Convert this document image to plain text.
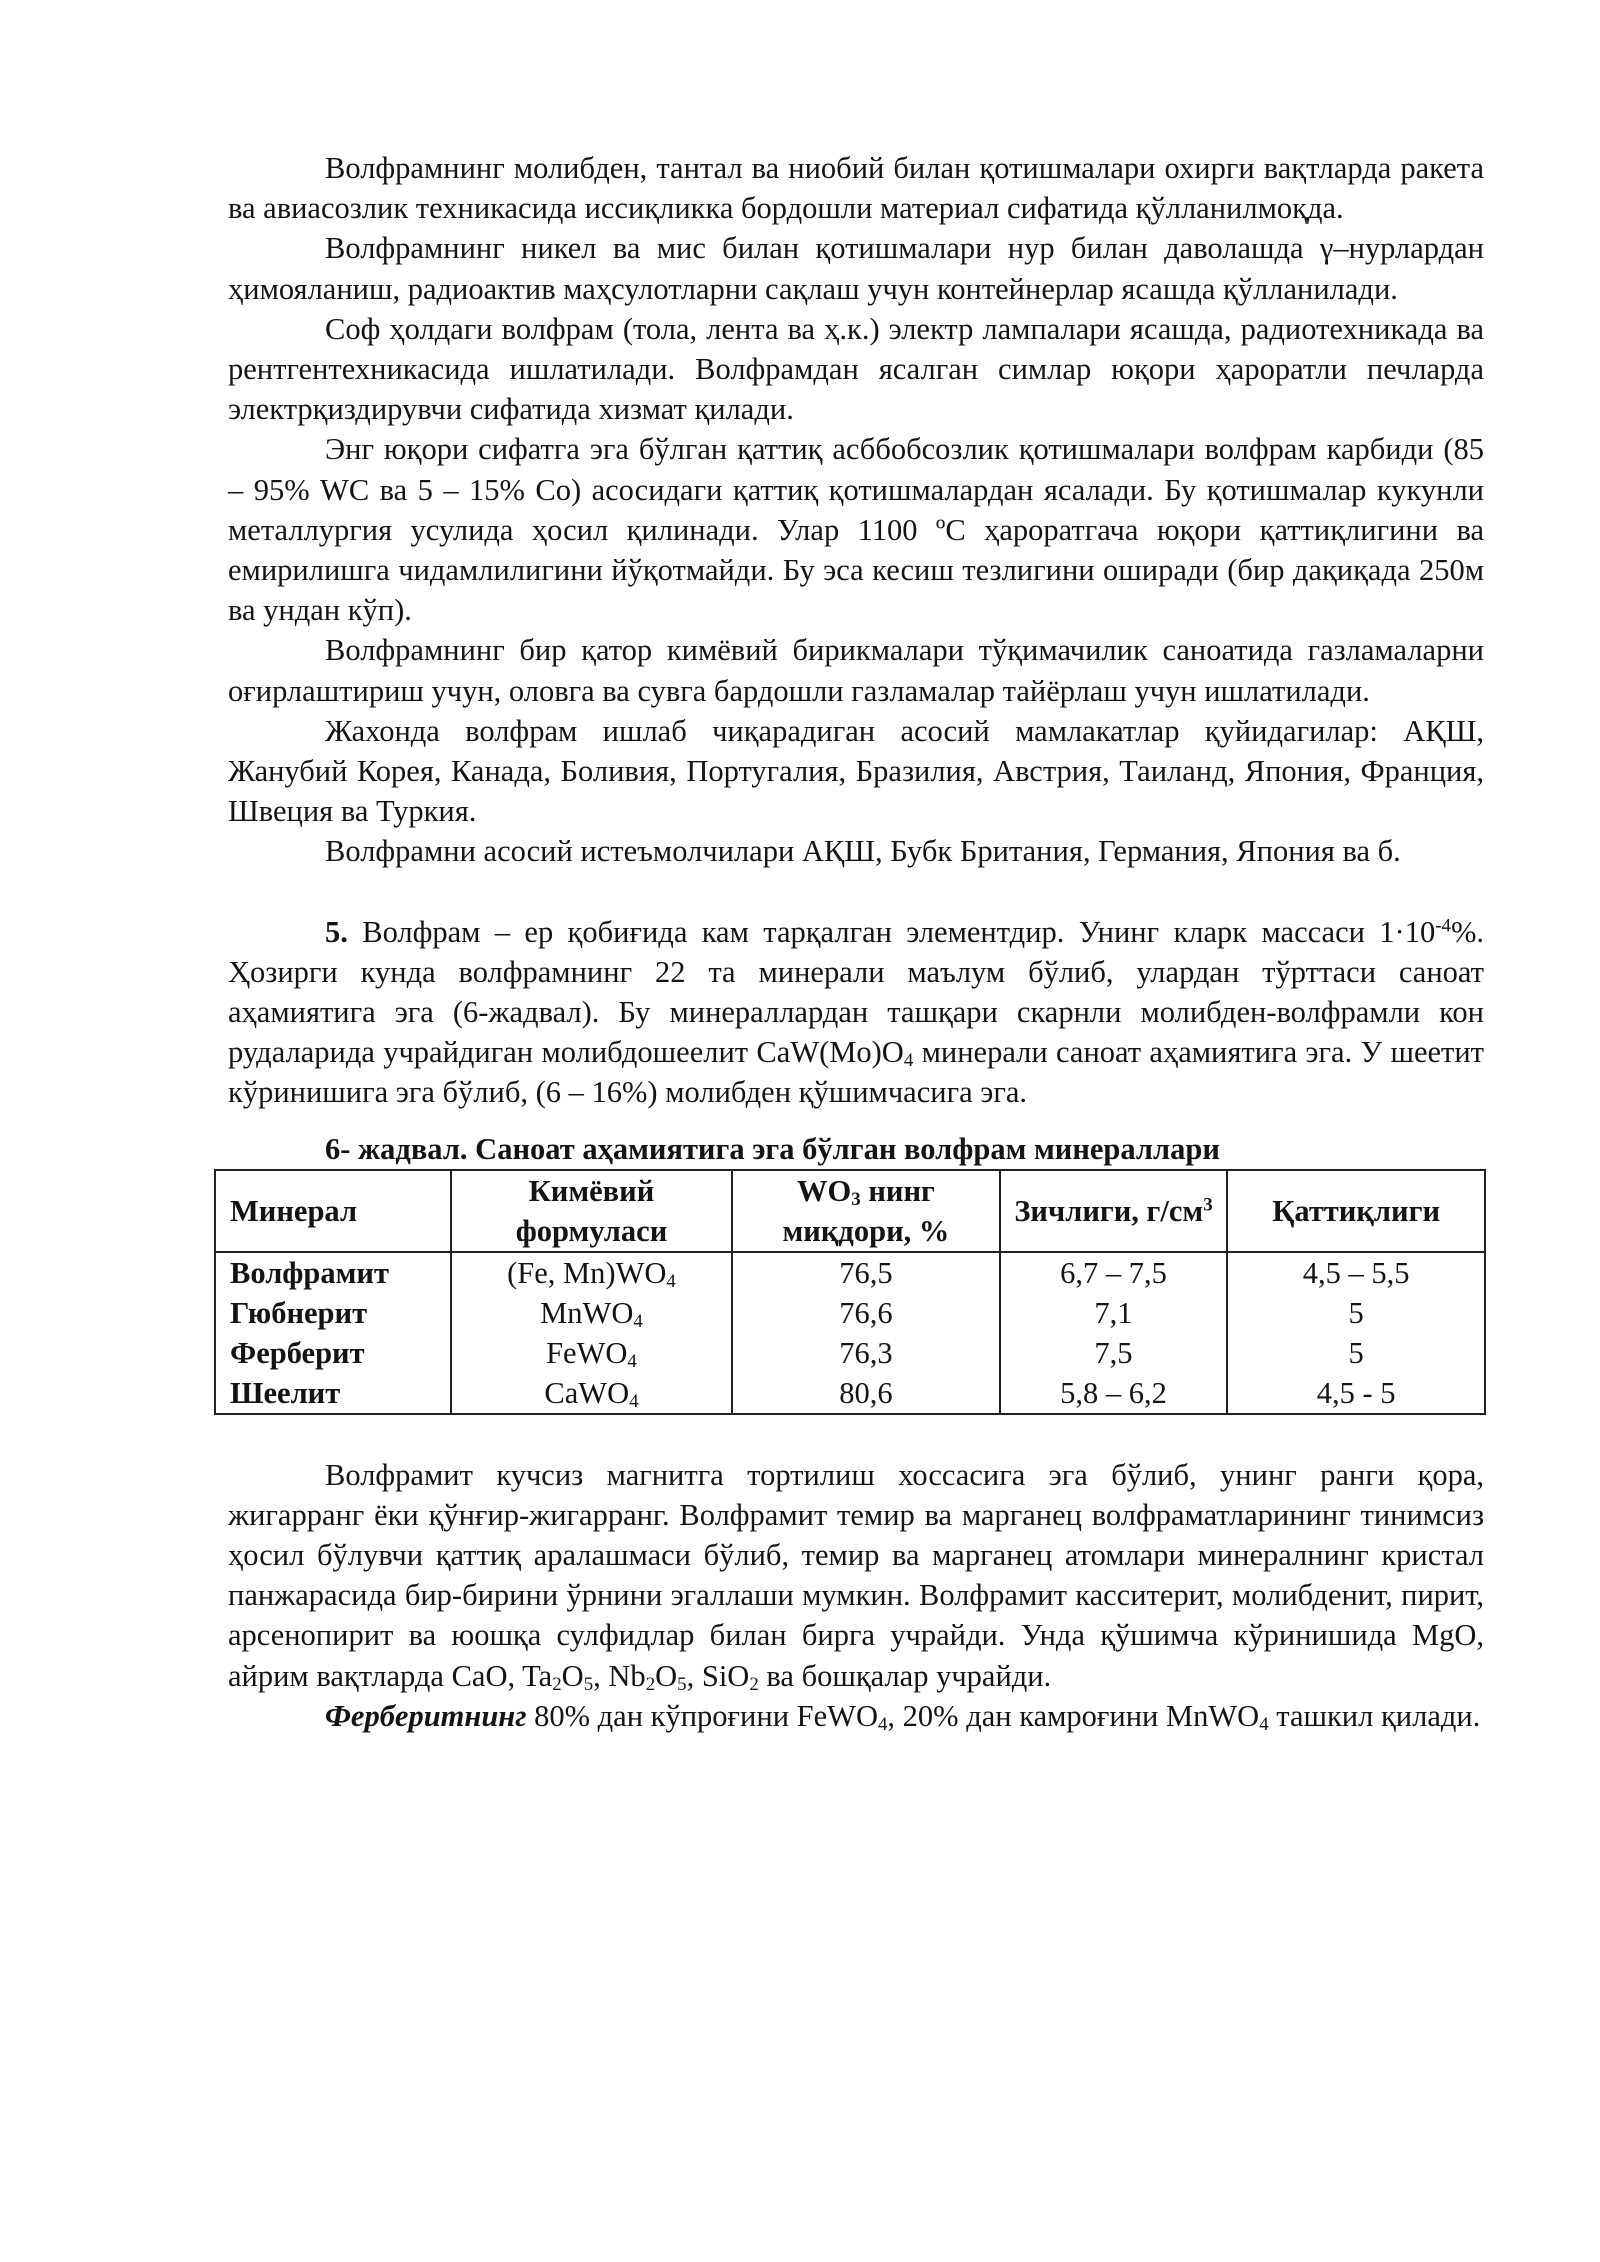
Волфрамнинг молибден, тантал ва ниобий билан қотишмалари охирги вақтларда ракета ва авиасозлик техникасида иссиқликка бордошли материал сифатида қўлланилмоқда.

Волфрамнинг никел ва мис билан қотишмалари нур билан даволашда γ–нурлардан ҳимояланиш, радиоактив маҳсулотларни сақлаш учун контейнерлар ясашда қўлланилади.

Соф ҳолдаги волфрам (тола, лента ва ҳ.к.) электр лампалари ясашда, радиотехникада ва рентгентехникасида ишлатилади. Волфрамдан ясалган симлар юқори ҳароратли печларда электрқиздирувчи сифатида хизмат қилади.

Энг юқори сифатга эга бўлган қаттиқ асббобсозлик қотишмалари волфрам карбиди (85 – 95% WC ва 5 – 15% Co) асосидаги қаттиқ қотишмалардан ясалади. Бу қотишмалар кукунли металлургия усулида ҳосил қилинади. Улар 1100 ºС ҳароратгача юқори қаттиқлигини ва емирилишга чидамлилигини йўқотмайди. Бу эса кесиш тезлигини оширади (бир дақиқада 250м ва ундан кўп).

Волфрамнинг бир қатор кимёвий бирикмалари тўқимачилик саноатида газламаларни оғирлаштириш учун, оловга ва сувга бардошли газламалар тайёрлаш учун ишлатилади.

Жахонда волфрам ишлаб чиқарадиган асосий мамлакатлар қуйидагилар: АҚШ, Жанубий Корея, Канада, Боливия, Португалия, Бразилия, Австрия, Таиланд, Япония, Франция, Швеция ва Туркия.

Волфрамни асосий истеъмолчилари АҚШ, Бубк Британия, Германия, Япония ва б.

5. Волфрам – ер қобиғида кам тарқалган элементдир. Унинг кларк массаси $1\cdot 10^{-4}\%$. Ҳозирги кунда волфрамнинг 22 та минерали маълум бўлиб, улардан тўрттаси саноат аҳамиятига эга (6-жадвал). Бу минераллардан ташқари скарнли молибден-волфрамли кон рудаларида учрайдиган молибдошеелит $CaW(Mo)O_4$ минерали саноат аҳамиятига эга. У шеетит кўринишига эга бўлиб, (6 – 16%) молибден қўшимчасига эга.

6- жадвал. Саноат аҳамиятига эга бўлган волфрам минераллари
Минерал	Кимёвий формуласи	$WO_3$ нинг миқдори, %	Зичлиги, $г/см^3$	Қаттиқлиги
Волфрамит	(Fe, $Mn)WO_4$	76,5	6,7 – 7,5	4,5 – 5,5
Гюбнерит	MnWO$_4$	76,6	7,1	5
Ферберит	FeWO$_4$	76,3	7,5	5
Шеелит	CaWO$_4$	80,6	5,8 – 6,2	4,5 - 5

Волфрамит кучсиз магнитга тортилиш хоссасига эга бўлиб, унинг ранги қора, жигарранг ёки қўнғир-жигарранг. Волфрамит темир ва марганец волфраматларининг тинимсиз ҳосил бўлувчи қаттиқ аралашмаси бўлиб, темир ва марганец атомлари минералнинг кристал панжарасида бир-бирини ўрнини эгаллаши мумкин. Волфрамит касситерит, молибденит, пирит, арсенопирит ва юошқа сулфидлар билан бирга учрайди. Унда қўшимча кўринишида MgO, айрим вақтларда CaO, $Ta_2O_5$, $Nb_2O_5$, SiO$_2$ ва бошқалар учрайди.

Ферберитнинг 80% дан кўпроғини FeWO$_4$, 20% дан камроғини MnWO$_4$ ташкил қилади.
